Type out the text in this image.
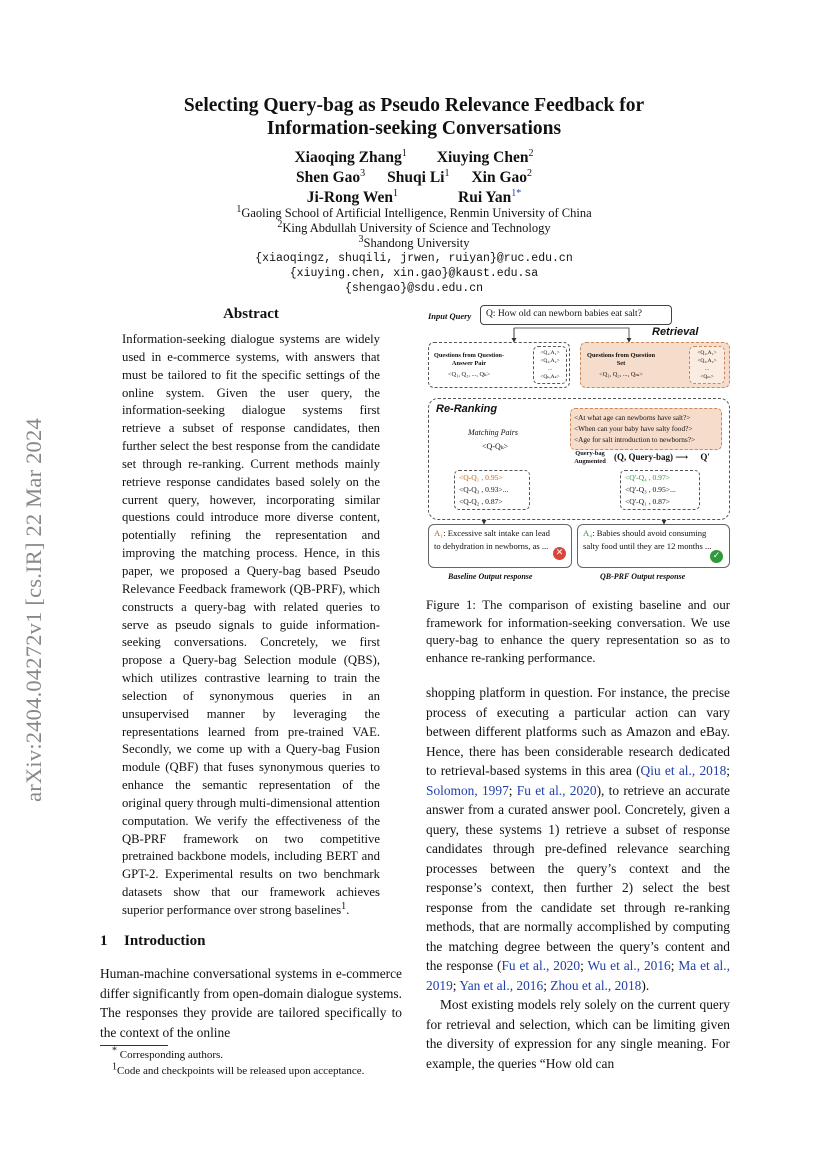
arXiv:2404.04272v1 [cs.IR] 22 Mar 2024
Selecting Query-bag as Pseudo Relevance Feedback for
Information-seeking Conversations
Xiaoqing Zhang$^1$ Xiuying Chen$^2$
Shen Gao$^3$ Shuqi Li$^1$ Xin Gao$^2$
Ji-Rong Wen$^1$	Rui Yan$^{1*}$
$^1$Gaoling School of Artificial Intelligence, Renmin University of China
$^2$King Abdullah University of Science and Technology
$^3$Shandong University
{xiaoqingz, shuqili, jrwen, ruiyan}@ruc.edu.cn
{xiuying.chen, xin.gao}@kaust.edu.sa
{shengao}@sdu.edu.cn
Abstract
Information-seeking dialogue systems are widely used in e-commerce systems, with answers that must be tailored to fit the specific settings of the online system. Given the user query, the information-seeking dialogue systems first retrieve a subset of response candidates, then further select the best response from the candidate set through re-ranking. Current methods mainly retrieve response candidates based solely on the current query, however, incorporating similar questions could introduce more diverse content, potentially refining the representation and improving the matching process. Hence, in this paper, we proposed a Query-bag based Pseudo Relevance Feedback framework (QB-PRF), which constructs a query-bag with related queries to serve as pseudo signals to guide information-seeking conversations. Concretely, we first propose a Query-bag Selection module (QBS), which utilizes contrastive learning to train the selection of synonymous queries in an unsupervised manner by leveraging the representations learned from pre-trained VAE. Secondly, we come up with a Query-bag Fusion module (QBF) that fuses synonymous queries to enhance the semantic representation of the original query through multi-dimensional attention computation. We verify the effectiveness of the QB-PRF framework on two competitive pretrained backbone models, including BERT and GPT-2. Experimental results on two benchmark datasets show that our framework achieves superior performance over strong baselines$^1$.
1 Introduction
Human-machine conversational systems in e-commerce differ significantly from open-domain dialogue systems. The responses they provide are tailored specifically to the context of the online
* Corresponding authors.
1Code and checkpoints will be released upon acceptance.
Input Query	Q: How old can newborn babies eat salt?
Retrieval
Questions from Question-Answer Pair
<Q₁, Q₂, ..., Qₖ>
<Q₁,A₁>
<Q₂,A₂>
...
<Qₖ,Aₖ>
Questions from Question Set
<Q₁, Q₂, ..., Qₘ>
<Q₁,A₁>
<Q₂,A₂>
...
<Qₘ>
Re-Ranking
Matching Pairs
<Q-Qₖ>
<At what age can newborns have salt?>
<When can your baby have salty food?>
<Age for salt introduction to newborns?>
Query-bag Augmented (Q, Query-bag) ⟶ Q'
<Q-Q₁ , 0.95>
<Q-Q₃ , 0.93>...
<Q-Q₂ , 0.87>
<Q'-Q₄ , 0.97>
<Q'-Q₃ , 0.95>...
<Q'-Q₁ , 0.87>
A₁: Excessive salt intake can lead to dehydration in newborns, as ...
✕
A₄: Babies should avoid consuming salty food until they are 12 months ...
✓
Baseline Output response	QB-PRF Output response
Figure 1: The comparison of existing baseline and our framework for information-seeking conversation. We use query-bag to enhance the query representation so as to enhance re-ranking performance.

shopping platform in question. For instance, the precise process of executing a particular action can vary between different platforms such as Amazon and eBay. Hence, there has been considerable research dedicated to retrieval-based systems in this area (Qiu et al., 2018; Solomon, 1997; Fu et al., 2020), to retrieve an accurate answer from a curated answer pool. Concretely, given a query, these systems 1) retrieve a subset of response candidates through pre-defined relevance searching processes between the query’s context and the response’s context, then further 2) select the best response from the candidate set through re-ranking methods, that are normally accomplished by computing the matching degree between the query’s content and the response (Fu et al., 2020; Wu et al., 2016; Ma et al., 2019; Yan et al., 2016; Zhou et al., 2018).

Most existing models rely solely on the current query for retrieval and selection, which can be limiting given the diversity of expression for any single meaning. For example, the queries “How old can
